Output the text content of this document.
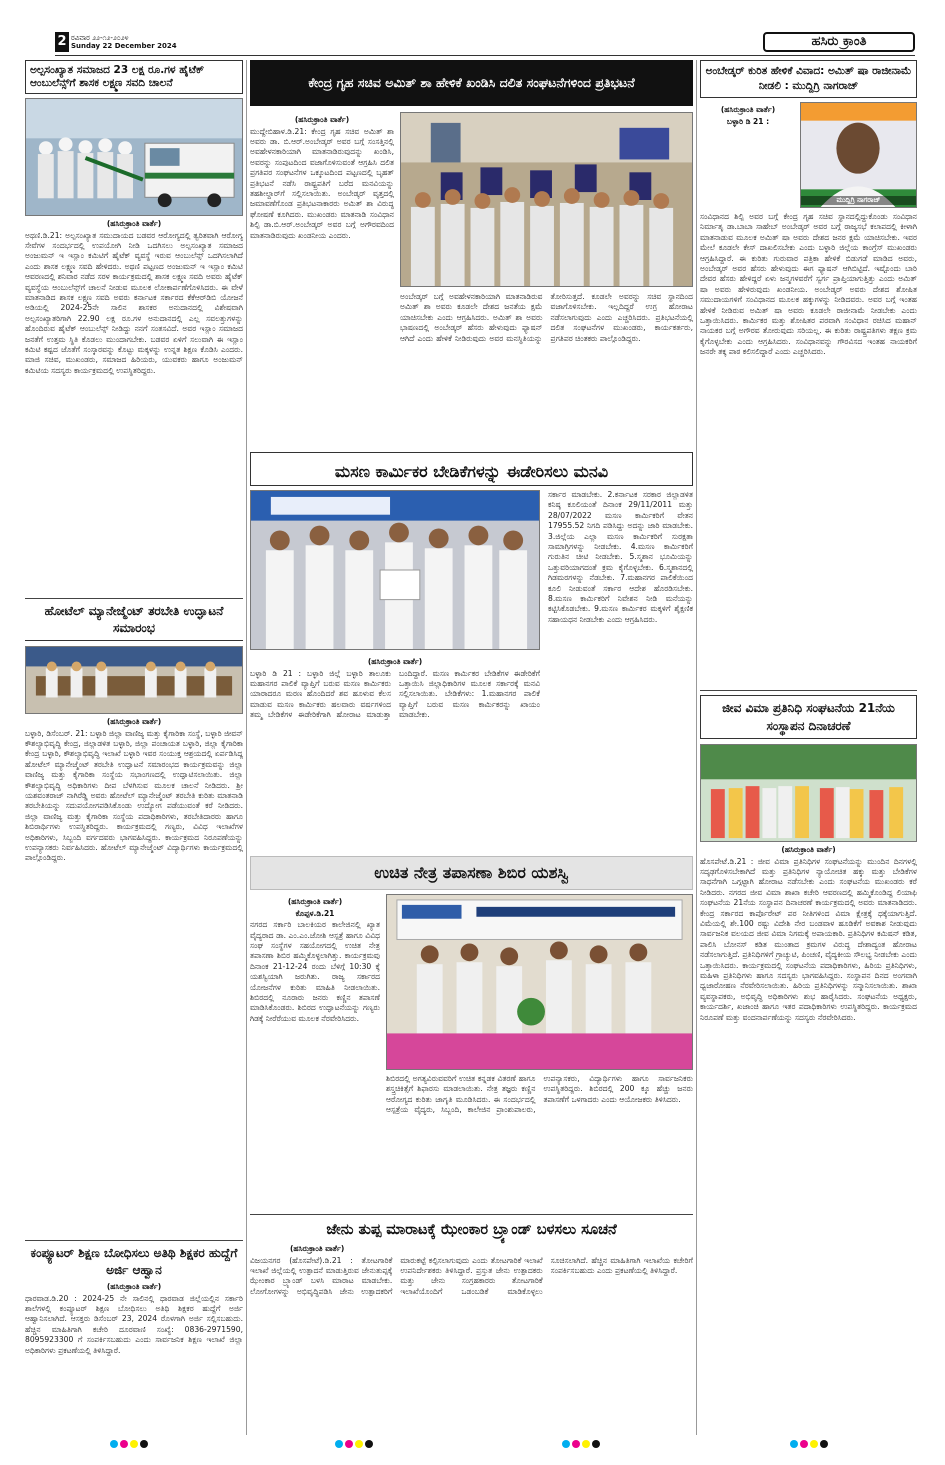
2 ರವಿವಾರ ೨೨-೧೨-೨೦೨೪
Sunday 22 December 2024	ಹಸಿರು ಕ್ರಾಂತಿ
ಅಲ್ಪಸಂಖ್ಯಾತ ಸಮಾಜದ 23 ಲಕ್ಷ ರೂ.ಗಳ ಹೈಟೆಕ್ ಆಂಬುಲೆನ್ಸ್‌ಗೆ ಶಾಸಕ ಲಕ್ಷ್ಮಣ ಸವದಿ ಚಾಲನೆ
(ಹಸಿರುಕ್ರಾಂತಿ ವಾರ್ತೆ)
ಅಥಣಿ.ಡಿ.21: ಅಲ್ಪಸಂಖ್ಯಾತ ಸಮುದಾಯದ ಬಡವರ ಆರೋಗ್ಯದಲ್ಲಿ ತ್ವರಿತವಾಗಿ ಆರೋಗ್ಯ ಸೇವೆಗಳ ಸಂದರ್ಭದಲ್ಲಿ ಉಪಯೋಗಿ ನೀಡಿ ಒದಗಿಸಲು ಅಲ್ಪಸಂಖ್ಯಾತ ಸಮಾಜದ ಅಂಜುಮನ್ ಇ ಇಸ್ಲಾಂ ಕಮಿಟಿಗೆ ಹೈಟೆಕ್ ವ್ಯವಸ್ಥೆ ಇರುವ ಆಂಬುಲೆನ್ಸ್ ಒದಗಿಸಲಾಗಿದೆ ಎಂದು ಶಾಸಕ ಲಕ್ಷ್ಮಣ ಸವದಿ ಹೇಳಿದರು. ಅಥಣಿ ಪಟ್ಟಣದ ಅಂಜುಮನ್ ಇ ಇಸ್ಲಾಂ ಕಮಿಟಿ ಆವರಣದಲ್ಲಿ ಶನಿವಾರ ನಡೆದ ಸರಳ ಕಾರ್ಯಕ್ರಮದಲ್ಲಿ ಶಾಸಕ ಲಕ್ಷ್ಮಣ ಸವದಿ ಅವರು ಹೈಟೆಕ್ ವ್ಯವಸ್ಥೆಯ ಆಂಬುಲೆನ್ಸ್‌ಗೆ ಚಾಲನೆ ನೀಡುವ ಮೂಲಕ ಲೋಕಾರ್ಪಣೆಗೊಳಿಸಿದರು. ಈ ವೇಳೆ ಮಾತನಾಡಿದ ಶಾಸಕ ಲಕ್ಷ್ಮಣ ಸವದಿ ಅವರು ಕರ್ನಾಟಕ ಸರ್ಕಾರದ ಕೆಕೆಆರ್‌ಡಿಬಿ ಯೋಜನೆ ಅಡಿಯಲ್ಲಿ 2024-25ನೇ ಸಾಲಿನ ಶಾಸಕರ ಅನುದಾನದಲ್ಲಿ ವಿಶೇಷವಾಗಿ ಅಲ್ಪಸಂಖ್ಯಾತರಿಗಾಗಿ 22.90 ಲಕ್ಷ ರೂ.ಗಳ ಅನುದಾನದಲ್ಲಿ ಎಲ್ಲ ಸವಲತ್ತುಗಳನ್ನು ಹೊಂದಿರುವ ಹೈಟೆಕ್ ಆಂಬುಲೆನ್ಸ್ ನೀಡಿದ್ದು ನನಗೆ ಸಂತಸವಿದೆ. ಅವರ ಇಸ್ಲಾಂ ಸಮಾಜದ ಜನತೆಗೆ ಉತ್ತಮ ಸ್ಥಿತಿ ಕೊಡಲು ಮುಂದಾಗಬೇಕು. ಬಡವರ ಏಳಿಗೆ ಸಲುವಾಗಿ ಈ ಇಸ್ಲಾಂ ಕಮಿಟಿ ಕಷ್ಟದ ಜೊತೆಗೆ ಸಂಸ್ಕಾರವನ್ನು ಕೊಟ್ಟು ಮಕ್ಕಳನ್ನು ಉನ್ನತ ಶಿಕ್ಷಣ ಕೊಡಿಸಿ ಎಂದರು. ಮಾಜಿ ಸಚಿವ, ಮುಖಂಡರು, ಸಮಾಜದ ಹಿರಿಯರು, ಯುವಕರು ಹಾಗೂ ಅಂಜುಮನ್ ಕಮಿಟಿಯ ಸದಸ್ಯರು ಕಾರ್ಯಕ್ರಮದಲ್ಲಿ ಉಪಸ್ಥಿತರಿದ್ದರು.
ಹೋಟೆಲ್ ಮ್ಯಾನೇಜ್ಮೆಂಟ್ ತರಬೇತಿ ಉದ್ಘಾಟನೆ ಸಮಾರಂಭ
(ಹಸಿರುಕ್ರಾಂತಿ ವಾರ್ತೆ)
ಬಳ್ಳಾರಿ, ಡಿಸೆಂಬರ್. 21: ಬಳ್ಳಾರಿ ಜಿಲ್ಲಾ ವಾಣಿಜ್ಯ ಮತ್ತು ಕೈಗಾರಿಕಾ ಸಂಸ್ಥೆ, ಬಳ್ಳಾರಿ ಜೀವನ್ ಕೌಶಲ್ಯಾಭಿವೃದ್ಧಿ ಕೇಂದ್ರ, ಜಿಲ್ಲಾಡಳಿತ ಬಳ್ಳಾರಿ, ಜಿಲ್ಲಾ ಪಂಚಾಯತ ಬಳ್ಳಾರಿ, ಜಿಲ್ಲಾ ಕೈಗಾರಿಕಾ ಕೇಂದ್ರ ಬಳ್ಳಾರಿ, ಕೌಶಲ್ಯಾಭಿವೃದ್ಧಿ ಇಲಾಖೆ ಬಳ್ಳಾರಿ ಇವರ ಸಂಯುಕ್ತ ಆಶ್ರಯದಲ್ಲಿ ಏರ್ಪಡಿಸಿದ್ದ ಹೋಟೆಲ್ ಮ್ಯಾನೇಜ್ಮೆಂಟ್ ತರಬೇತಿ ಉದ್ಘಾಟನೆ ಸಮಾರಂಭದ ಕಾರ್ಯಕ್ರಮವನ್ನು ಜಿಲ್ಲಾ ವಾಣಿಜ್ಯ ಮತ್ತು ಕೈಗಾರಿಕಾ ಸಂಸ್ಥೆಯ ಸಭಾಂಗಣದಲ್ಲಿ ಉದ್ಘಾಟಿಸಲಾಯಿತು. ಜಿಲ್ಲಾ ಕೌಶಲ್ಯಾಭಿವೃದ್ಧಿ ಅಧಿಕಾರಿಗಳು ದೀಪ ಬೆಳಗಿಸುವ ಮೂಲಕ ಚಾಲನೆ ನೀಡಿದರು. ಶ್ರೀ ಯಶವಂತರಾಜ್ ನಾಗಿರೆಡ್ಡಿ ಅವರು ಹೋಟೆಲ್ ಮ್ಯಾನೇಜ್ಮೆಂಟ್ ತರಬೇತಿ ಕುರಿತು ಮಾತನಾಡಿ ತರಬೇತಿಯನ್ನು ಸದುಪಯೋಗಪಡಿಸಿಕೊಂಡು ಉದ್ಯೋಗ ಪಡೆಯುವಂತೆ ಕರೆ ನೀಡಿದರು. ಜಿಲ್ಲಾ ವಾಣಿಜ್ಯ ಮತ್ತು ಕೈಗಾರಿಕಾ ಸಂಸ್ಥೆಯ ಪದಾಧಿಕಾರಿಗಳು, ತರಬೇತಿದಾರರು ಹಾಗೂ ಶಿಬಿರಾರ್ಥಿಗಳು ಉಪಸ್ಥಿತರಿದ್ದರು. ಕಾರ್ಯಕ್ರಮದಲ್ಲಿ ಗಣ್ಯರು, ವಿವಿಧ ಇಲಾಖೆಗಳ ಅಧಿಕಾರಿಗಳು, ಸಿಬ್ಬಂದಿ ವರ್ಗದವರು ಭಾಗವಹಿಸಿದ್ದರು. ಕಾರ್ಯಕ್ರಮದ ನಿರೂಪಣೆಯನ್ನು ಉಪನ್ಯಾಸಕರು ನಿರ್ವಹಿಸಿದರು. ಹೋಟೆಲ್ ಮ್ಯಾನೇಜ್ಮೆಂಟ್ ವಿದ್ಯಾರ್ಥಿಗಳು ಕಾರ್ಯಕ್ರಮದಲ್ಲಿ ಪಾಲ್ಗೊಂಡಿದ್ದರು.
ಕಂಪ್ಯೂಟರ್ ಶಿಕ್ಷಣ ಬೋಧಿಸಲು ಅತಿಥಿ ಶಿಕ್ಷಕರ ಹುದ್ದೆಗೆ ಅರ್ಜಿ ಆಹ್ವಾನ
(ಹಸಿರುಕ್ರಾಂತಿ ವಾರ್ತೆ)
ಧಾರವಾಡ.ಡಿ.20 : 2024-25 ನೇ ಸಾಲಿನಲ್ಲಿ ಧಾರವಾಡ ಜಿಲ್ಲೆಯಲ್ಲಿನ ಸರ್ಕಾರಿ ಶಾಲೆಗಳಲ್ಲಿ ಕಂಪ್ಯೂಟರ್ ಶಿಕ್ಷಣ ಬೋಧಿಸಲು ಅತಿಥಿ ಶಿಕ್ಷಕರ ಹುದ್ದೆಗೆ ಅರ್ಜಿ ಆಹ್ವಾನಿಸಲಾಗಿದೆ. ಆಸಕ್ತರು ಡಿಸೆಂಬರ್ 23, 2024 ರೊಳಗಾಗಿ ಅರ್ಜಿ ಸಲ್ಲಿಸಬಹುದು. ಹೆಚ್ಚಿನ ಮಾಹಿತಿಗಾಗಿ ಕಚೇರಿ ದೂರವಾಣಿ ಸಂಖ್ಯೆ: 0836-2971590, 8095923300 ಗೆ ಸಂಪರ್ಕಿಸಬಹುದು ಎಂದು ಸಾರ್ವಜನಿಕ ಶಿಕ್ಷಣ ಇಲಾಖೆ ಜಿಲ್ಲಾ ಅಧಿಕಾರಿಗಳು ಪ್ರಕಟಣೆಯಲ್ಲಿ ತಿಳಿಸಿದ್ದಾರೆ.
ಕೇಂದ್ರ ಗೃಹ ಸಚಿವ ಅಮಿತ್ ಶಾ ಹೇಳಿಕೆ ಖಂಡಿಸಿ ದಲಿತ ಸಂಘಟನೆಗಳಿಂದ ಪ್ರತಿಭಟನೆ
(ಹಸಿರುಕ್ರಾಂತಿ ವಾರ್ತೆ)
ಮುದ್ದೇಬಿಹಾಳ.ಡಿ.21: ಕೇಂದ್ರ ಗೃಹ ಸಚಿವ ಅಮಿತ್ ಶಾ ಅವರು ಡಾ. ಬಿ.ಆರ್.ಅಂಬೇಡ್ಕರ್ ಅವರ ಬಗ್ಗೆ ಸಂಸತ್ತಿನಲ್ಲಿ ಅವಹೇಳನಕಾರಿಯಾಗಿ ಮಾತನಾಡಿರುವುದನ್ನು ಖಂಡಿಸಿ, ಅವರನ್ನು ಸಂಪುಟದಿಂದ ವಜಾಗೊಳಿಸುವಂತೆ ಆಗ್ರಹಿಸಿ ದಲಿತ ಪ್ರಗತಿಪರ ಸಂಘಟನೆಗಳ ಒಕ್ಕೂಟದಿಂದ ಪಟ್ಟಣದಲ್ಲಿ ಬೃಹತ್ ಪ್ರತಿಭಟನೆ ನಡೆಸಿ ರಾಷ್ಟ್ರಪತಿಗೆ ಬರೆದ ಮನವಿಯನ್ನು ತಹಶೀಲ್ದಾರ್‌ಗೆ ಸಲ್ಲಿಸಲಾಯಿತು. ಅಂಬೇಡ್ಕರ್ ವೃತ್ತದಲ್ಲಿ ಜಮಾವಣೆಗೊಂಡ ಪ್ರತಿಭಟನಾಕಾರರು ಅಮಿತ್ ಶಾ ವಿರುದ್ಧ ಘೋಷಣೆ ಕೂಗಿದರು. ಮುಖಂಡರು ಮಾತನಾಡಿ ಸಂವಿಧಾನ ಶಿಲ್ಪಿ ಡಾ.ಬಿ.ಆರ್.ಅಂಬೇಡ್ಕರ್ ಅವರ ಬಗ್ಗೆ ಅಗೌರವದಿಂದ ಮಾತನಾಡಿರುವುದು ಖಂಡನೀಯ ಎಂದರು.
ಅಂಬೇಡ್ಕರ್ ಬಗ್ಗೆ ಅವಹೇಳನಕಾರಿಯಾಗಿ ಮಾತನಾಡಿರುವ ಅಮಿತ್ ಶಾ ಅವರು ಕೂಡಲೇ ದೇಶದ ಜನತೆಯ ಕ್ಷಮೆ ಯಾಚಿಸಬೇಕು ಎಂದು ಆಗ್ರಹಿಸಿದರು. ಅಮಿತ್ ಶಾ ಅವರು ಭಾಷಣದಲ್ಲಿ ಅಂಬೇಡ್ಕರ್ ಹೆಸರು ಹೇಳುವುದು ಫ್ಯಾಷನ್ ಆಗಿದೆ ಎಂದು ಹೇಳಿಕೆ ನೀಡಿರುವುದು ಅವರ ಮನಸ್ಥಿತಿಯನ್ನು ತೋರಿಸುತ್ತದೆ. ಕೂಡಲೇ ಅವರನ್ನು ಸಚಿವ ಸ್ಥಾನದಿಂದ ವಜಾಗೊಳಿಸಬೇಕು. ಇಲ್ಲದಿದ್ದರೆ ಉಗ್ರ ಹೋರಾಟ ನಡೆಸಲಾಗುವುದು ಎಂದು ಎಚ್ಚರಿಸಿದರು. ಪ್ರತಿಭಟನೆಯಲ್ಲಿ ದಲಿತ ಸಂಘಟನೆಗಳ ಮುಖಂಡರು, ಕಾರ್ಯಕರ್ತರು, ಪ್ರಗತಿಪರ ಚಿಂತಕರು ಪಾಲ್ಗೊಂಡಿದ್ದರು.
ಮಸಣ ಕಾರ್ಮಿಕರ ಬೇಡಿಕೆಗಳನ್ನು ಈಡೇರಿಸಲು ಮನವಿ
ಸರ್ಕಾರ ಮಾಡಬೇಕು. 2.ಕರ್ನಾಟಕ ಸರಕಾರ ಜಿಲ್ಲಾಡಳಿತ ಕನಿಷ್ಠ ಕೂಲಿಯಂತೆ ದಿನಾಂಕ 29/11/2011 ಮತ್ತು 28/07/2022 ಮಸಣ ಕಾರ್ಮಿಕರಿಗೆ ವೇತನ 17955.52 ನಿಗದಿ ಪಡಿಸಿದ್ದು ಅದನ್ನು ಜಾರಿ ಮಾಡಬೇಕು. 3.ಜಿಲ್ಲೆಯ ಎಲ್ಲಾ ಮಸಣ ಕಾರ್ಮಿಕರಿಗೆ ಸುರಕ್ಷತಾ ಸಾಮಾಗ್ರಿಗಳನ್ನು ನೀಡಬೇಕು. 4.ಮಸಣ ಕಾರ್ಮಿಕರಿಗೆ ಗುರುತಿನ ಚೀಟಿ ನೀಡಬೇಕು. 5.ಸ್ಮಶಾನ ಭೂಮಿಯನ್ನು ಒತ್ತುವರಿಯಾಗದಂತೆ ಕ್ರಮ ಕೈಗೊಳ್ಳಬೇಕು. 6.ಸ್ಮಶಾನದಲ್ಲಿ ಗಿಡಮರಗಳನ್ನು ನೆಡಬೇಕು. 7.ಮಹಾನಗರ ಪಾಲಿಕೆಯಿಂದ ಕೂಲಿ ನೀಡುವಂತೆ ಸರ್ಕಾರ ಆದೇಶ ಹೊರಡಿಸಬೇಕು. 8.ಮಸಣ ಕಾರ್ಮಿಕರಿಗೆ ನಿವೇಶನ ನೀಡಿ ಮನೆಯನ್ನು ಕಟ್ಟಿಸಿಕೊಡಬೇಕು. 9.ಮಸಣ ಕಾರ್ಮಿಕರ ಮಕ್ಕಳಿಗೆ ಶೈಕ್ಷಣಿಕ ಸಹಾಯಧನ ನೀಡಬೇಕು ಎಂದು ಆಗ್ರಹಿಸಿದರು.
(ಹಸಿರುಕ್ರಾಂತಿ ವಾರ್ತೆ)
ಬಳ್ಳಾರಿ ಡಿ 21 : ಬಳ್ಳಾರಿ ಜಿಲ್ಲೆ ಬಳ್ಳಾರಿ ತಾಲೂಕು ಮಹಾನಗರ ಪಾಲಿಕೆ ವ್ಯಾಪ್ತಿಗೆ ಬರುವ ಮಸಣ ಕಾರ್ಮಿಕರು ಯಾರಾದರೂ ಮರಣ ಹೊಂದಿದರೆ ಶವ ಹೂಳುವ ಕೆಲಸ ಮಾಡುವ ಮಸಣ ಕಾರ್ಮಿಕರು ಹಲವಾರು ವರ್ಷಗಳಿಂದ ತಮ್ಮ ಬೇಡಿಕೆಗಳ ಈಡೇರಿಕೆಗಾಗಿ ಹೋರಾಟ ಮಾಡುತ್ತಾ ಬಂದಿದ್ದಾರೆ. ಮಸಣ ಕಾರ್ಮಿಕರ ಬೇಡಿಕೆಗಳ ಈಡೇರಿಕೆಗೆ ಒತ್ತಾಯಿಸಿ ಜಿಲ್ಲಾಧಿಕಾರಿಗಳ ಮೂಲಕ ಸರ್ಕಾರಕ್ಕೆ ಮನವಿ ಸಲ್ಲಿಸಲಾಯಿತು. ಬೇಡಿಕೆಗಳು: 1.ಮಹಾನಗರ ಪಾಲಿಕೆ ವ್ಯಾಪ್ತಿಗೆ ಬರುವ ಮಸಣ ಕಾರ್ಮಿಕರನ್ನು ಖಾಯಂ ಮಾಡಬೇಕು.
ಉಚಿತ ನೇತ್ರ ತಪಾಸಣಾ ಶಿಬಿರ ಯಶಸ್ವಿ
(ಹಸಿರುಕ್ರಾಂತಿ ವಾರ್ತೆ)
ಕೊಪ್ಪಳ.ಡಿ.21
ನಗರದ ಸರ್ಕಾರಿ ಬಾಲಕಿಯರ ಕಾಲೇಜಿನಲ್ಲಿ ಖ್ಯಾತ ವೈದ್ಯರಾದ ಡಾ. ಎಂ.ಎಂ.ಜೋಶಿ ಆಸ್ಪತ್ರೆ ಹಾಗೂ ವಿವಿಧ ಸಂಘ ಸಂಸ್ಥೆಗಳ ಸಹಯೋಗದಲ್ಲಿ ಉಚಿತ ನೇತ್ರ ತಪಾಸಣಾ ಶಿಬಿರ ಹಮ್ಮಿಕೊಳ್ಳಲಾಗಿತ್ತು. ಕಾರ್ಯಕ್ರಮವು ದಿನಾಂಕ 21-12-24 ರಂದು ಬೆಳಿಗ್ಗೆ 10:30 ಕ್ಕೆ ಯಶಸ್ವಿಯಾಗಿ ಜರುಗಿತು. ರಾಜ್ಯ ಸರ್ಕಾರದ ಯೋಜನೆಗಳ ಕುರಿತು ಮಾಹಿತಿ ನೀಡಲಾಯಿತು. ಶಿಬಿರದಲ್ಲಿ ನೂರಾರು ಜನರು ಕಣ್ಣಿನ ತಪಾಸಣೆ ಮಾಡಿಸಿಕೊಂಡರು. ಶಿಬಿರದ ಉದ್ಘಾಟನೆಯನ್ನು ಗಣ್ಯರು ಗಿಡಕ್ಕೆ ನೀರೆರೆಯುವ ಮೂಲಕ ನೆರವೇರಿಸಿದರು.
ಶಿಬಿರದಲ್ಲಿ ಅಗತ್ಯವಿರುವವರಿಗೆ ಉಚಿತ ಕನ್ನಡಕ ವಿತರಣೆ ಹಾಗೂ ಶಸ್ತ್ರಚಿಕಿತ್ಸೆಗೆ ಶಿಫಾರಸು ಮಾಡಲಾಯಿತು. ನೇತ್ರ ತಜ್ಞರು ಕಣ್ಣಿನ ಆರೋಗ್ಯದ ಕುರಿತು ಜಾಗೃತಿ ಮೂಡಿಸಿದರು. ಈ ಸಂದರ್ಭದಲ್ಲಿ ಆಸ್ಪತ್ರೆಯ ವೈದ್ಯರು, ಸಿಬ್ಬಂದಿ, ಕಾಲೇಜಿನ ಪ್ರಾಂಶುಪಾಲರು, ಉಪನ್ಯಾಸಕರು, ವಿದ್ಯಾರ್ಥಿಗಳು ಹಾಗೂ ಸಾರ್ವಜನಿಕರು ಉಪಸ್ಥಿತರಿದ್ದರು. ಶಿಬಿರದಲ್ಲಿ 200 ಕ್ಕೂ ಹೆಚ್ಚು ಜನರು ತಪಾಸಣೆಗೆ ಒಳಗಾದರು ಎಂದು ಆಯೋಜಕರು ತಿಳಿಸಿದರು.
ಜೇನು ತುಪ್ಪ ಮಾರಾಟಕ್ಕೆ ಝೇಂಕಾರ ಬ್ರ್ಯಾಂಡ್ ಬಳಸಲು ಸೂಚನೆ
(ಹಸಿರುಕ್ರಾಂತಿ ವಾರ್ತೆ)
ವಿಜಯನಗರ (ಹೊಸಪೇಟೆ).ಡಿ.21 : ತೋಟಗಾರಿಕೆ ಇಲಾಖೆ ಜಿಲ್ಲೆಯಲ್ಲಿ ಉತ್ಪಾದನೆ ಮಾಡುತ್ತಿರುವ ಜೇನುತುಪ್ಪಕ್ಕೆ ಝೇಂಕಾರ ಬ್ರ್ಯಾಂಡ್ ಬಳಸಿ ಮಾರಾಟ ಮಾಡಬೇಕು. ಲೋಗೋಗಳನ್ನು ಅಭಿವೃದ್ಧಿಪಡಿಸಿ ಜೇನು ಉತ್ಪಾದಕರಿಗೆ ಮಾರುಕಟ್ಟೆ ಕಲ್ಪಿಸಲಾಗುವುದು ಎಂದು ತೋಟಗಾರಿಕೆ ಇಲಾಖೆ ಉಪನಿರ್ದೇಶಕರು ತಿಳಿಸಿದ್ದಾರೆ. ಪ್ರಸ್ತುತ ಜೇನು ಉತ್ಪಾದಕರು ಮತ್ತು ಜೇನು ಸಂಗ್ರಹಕಾರರು ತೋಟಗಾರಿಕೆ ಇಲಾಖೆಯೊಂದಿಗೆ ಒಡಂಬಡಿಕೆ ಮಾಡಿಕೊಳ್ಳಲು ಸೂಚಿಸಲಾಗಿದೆ. ಹೆಚ್ಚಿನ ಮಾಹಿತಿಗಾಗಿ ಇಲಾಖೆಯ ಕಚೇರಿಗೆ ಸಂಪರ್ಕಿಸಬಹುದು ಎಂದು ಪ್ರಕಟಣೆಯಲ್ಲಿ ತಿಳಿಸಿದ್ದಾರೆ.
ಅಂಬೇಡ್ಕರ್ ಕುರಿತ ಹೇಳಿಕೆ ವಿವಾದ: ಅಮಿತ್ ಷಾ ರಾಜೀನಾಮೆ ನೀಡಲಿ : ಮುದ್ದಿಗ್ರಿ ನಾಗರಾಜ್
(ಹಸಿರುಕ್ರಾಂತಿ ವಾರ್ತೆ)
ಬಳ್ಳಾರಿ ಡಿ 21 :
ಮುದ್ದಿಗ್ರಿ ನಾಗರಾಜ್
ಸಂವಿಧಾನದ ಶಿಲ್ಪಿ ಅವರ ಬಗ್ಗೆ ಕೇಂದ್ರ ಗೃಹ ಸಚಿವ ಸ್ಥಾನದಲ್ಲಿದ್ದುಕೊಂಡು ಸಂವಿಧಾನ ನಿರ್ಮಾತೃ ಡಾ.ಬಾಬಾ ಸಾಹೇಬ್ ಅಂಬೇಡ್ಕರ್ ಅವರ ಬಗ್ಗೆ ರಾಜ್ಯಸಭೆ ಕಲಾಪದಲ್ಲಿ ಕೀಳಾಗಿ ಮಾತನಾಡುವ ಮೂಲಕ ಅಮಿತ್ ಷಾ ಅವರು ದೇಶದ ಜನರ ಕ್ಷಮೆ ಯಾಚಿಸಬೇಕು. ಇವರ ಮೇಲೆ ಕೂಡಲೇ ಕೇಸ್ ದಾಖಲಿಸಬೇಕು ಎಂದು ಬಳ್ಳಾರಿ ಜಿಲ್ಲೆಯ ಕಾಂಗ್ರೆಸ್ ಮುಖಂಡರು ಆಗ್ರಹಿಸಿದ್ದಾರೆ. ಈ ಕುರಿತು ಗುರುವಾರ ಪತ್ರಿಕಾ ಹೇಳಿಕೆ ಬಿಡುಗಡೆ ಮಾಡಿದ ಅವರು, ಅಂಬೇಡ್ಕರ್ ಅವರ ಹೆಸರು ಹೇಳುವುದು ಈಗ ಫ್ಯಾಷನ್ ಆಗಿಬಿಟ್ಟಿದೆ. ಇಷ್ಟೊಂದು ಬಾರಿ ದೇವರ ಹೆಸರು ಹೇಳಿದ್ದರೆ ಏಳು ಜನ್ಮಗಳವರೆಗೆ ಸ್ವರ್ಗ ಪ್ರಾಪ್ತಿಯಾಗುತ್ತಿತ್ತು ಎಂದು ಅಮಿತ್ ಷಾ ಅವರು ಹೇಳಿರುವುದು ಖಂಡನೀಯ. ಅಂಬೇಡ್ಕರ್ ಅವರು ದೇಶದ ಶೋಷಿತ ಸಮುದಾಯಗಳಿಗೆ ಸಂವಿಧಾನದ ಮೂಲಕ ಹಕ್ಕುಗಳನ್ನು ನೀಡಿದವರು. ಅವರ ಬಗ್ಗೆ ಇಂತಹ ಹೇಳಿಕೆ ನೀಡಿರುವ ಅಮಿತ್ ಷಾ ಅವರು ಕೂಡಲೇ ರಾಜೀನಾಮೆ ನೀಡಬೇಕು ಎಂದು ಒತ್ತಾಯಿಸಿದರು. ಕಾರ್ಮಿಕರ ಮತ್ತು ಶೋಷಿತರ ಪರವಾಗಿ ಸಂವಿಧಾನ ರಚಿಸಿದ ಮಹಾನ್ ನಾಯಕರ ಬಗ್ಗೆ ಅಗೌರವ ತೋರುವುದು ಸರಿಯಲ್ಲ. ಈ ಕುರಿತು ರಾಷ್ಟ್ರಪತಿಗಳು ತಕ್ಷಣ ಕ್ರಮ ಕೈಗೊಳ್ಳಬೇಕು ಎಂದು ಆಗ್ರಹಿಸಿದರು. ಸಂವಿಧಾನವನ್ನು ಗೌರವಿಸದ ಇಂತಹ ನಾಯಕರಿಗೆ ಜನರೇ ತಕ್ಕ ಪಾಠ ಕಲಿಸಲಿದ್ದಾರೆ ಎಂದು ಎಚ್ಚರಿಸಿದರು.
ಜೀವ ವಿಮಾ ಪ್ರತಿನಿಧಿ ಸಂಘಟನೆಯ 21ನೆಯ ಸಂಸ್ಥಾಪನ ದಿನಾಚರಣೆ
(ಹಸಿರುಕ್ರಾಂತಿ ವಾರ್ತೆ)
ಹೊಸಪೇಟೆ.ಡಿ.21 : ಜೀವ ವಿಮಾ ಪ್ರತಿನಿಧಿಗಳ ಸಂಘಟನೆಯನ್ನು ಮುಂದಿನ ದಿನಗಳಲ್ಲಿ ಸದೃಢಗೊಳಿಸಬೇಕಾಗಿದೆ ಮತ್ತು ಪ್ರತಿನಿಧಿಗಳ ನ್ಯಾಯೋಚಿತ ಹಕ್ಕು ಮತ್ತು ಬೇಡಿಕೆಗಳ ಸಾಧನೆಗಾಗಿ ಒಗ್ಗಟ್ಟಾಗಿ ಹೋರಾಟ ನಡೆಸಬೇಕು ಎಂದು ಸಂಘಟನೆಯ ಮುಖಂಡರು ಕರೆ ನೀಡಿದರು. ನಗರದ ಜೀವ ವಿಮಾ ಶಾಖಾ ಕಚೇರಿ ಆವರಣದಲ್ಲಿ ಹಮ್ಮಿಕೊಂಡಿದ್ದ ಲಿಯಾಫಿ ಸಂಘಟನೆಯ 21ನೆಯ ಸಂಸ್ಥಾಪನ ದಿನಾಚರಣೆ ಕಾರ್ಯಕ್ರಮದಲ್ಲಿ ಅವರು ಮಾತನಾಡಿದರು. ಕೇಂದ್ರ ಸರ್ಕಾರದ ಕಾರ್ಪೊರೇಟ್ ಪರ ನೀತಿಗಳಿಂದ ವಿಮಾ ಕ್ಷೇತ್ರಕ್ಕೆ ಧಕ್ಕೆಯಾಗುತ್ತಿದೆ. ವಿಮೆಯಲ್ಲಿ ಶೇ.100 ರಷ್ಟು ವಿದೇಶಿ ನೇರ ಬಂಡವಾಳ ಹೂಡಿಕೆಗೆ ಅವಕಾಶ ನೀಡುವುದು ಸಾರ್ವಜನಿಕ ವಲಯದ ಜೀವ ವಿಮಾ ನಿಗಮಕ್ಕೆ ಅಪಾಯಕಾರಿ. ಪ್ರತಿನಿಧಿಗಳ ಕಮಿಷನ್ ಕಡಿತ, ಪಾಲಿಸಿ ಬೋನಸ್ ಕಡಿತ ಮುಂತಾದ ಕ್ರಮಗಳ ವಿರುದ್ಧ ದೇಶಾದ್ಯಂತ ಹೋರಾಟ ನಡೆಸಲಾಗುತ್ತಿದೆ. ಪ್ರತಿನಿಧಿಗಳಿಗೆ ಗ್ರಾಚ್ಯುಟಿ, ಪಿಂಚಣಿ, ವೈದ್ಯಕೀಯ ಸೌಲಭ್ಯ ನೀಡಬೇಕು ಎಂದು ಒತ್ತಾಯಿಸಿದರು. ಕಾರ್ಯಕ್ರಮದಲ್ಲಿ ಸಂಘಟನೆಯ ಪದಾಧಿಕಾರಿಗಳು, ಹಿರಿಯ ಪ್ರತಿನಿಧಿಗಳು, ಮಹಿಳಾ ಪ್ರತಿನಿಧಿಗಳು ಹಾಗೂ ಸದಸ್ಯರು ಭಾಗವಹಿಸಿದ್ದರು. ಸಂಸ್ಥಾಪನ ದಿನದ ಅಂಗವಾಗಿ ಧ್ವಜಾರೋಹಣ ನೆರವೇರಿಸಲಾಯಿತು. ಹಿರಿಯ ಪ್ರತಿನಿಧಿಗಳನ್ನು ಸನ್ಮಾನಿಸಲಾಯಿತು. ಶಾಖಾ ವ್ಯವಸ್ಥಾಪಕರು, ಅಭಿವೃದ್ಧಿ ಅಧಿಕಾರಿಗಳು ಶುಭ ಹಾರೈಸಿದರು. ಸಂಘಟನೆಯ ಅಧ್ಯಕ್ಷರು, ಕಾರ್ಯದರ್ಶಿ, ಖಜಾಂಚಿ ಹಾಗೂ ಇತರ ಪದಾಧಿಕಾರಿಗಳು ಉಪಸ್ಥಿತರಿದ್ದರು. ಕಾರ್ಯಕ್ರಮದ ನಿರೂಪಣೆ ಮತ್ತು ವಂದನಾರ್ಪಣೆಯನ್ನು ಸದಸ್ಯರು ನೆರವೇರಿಸಿದರು.
